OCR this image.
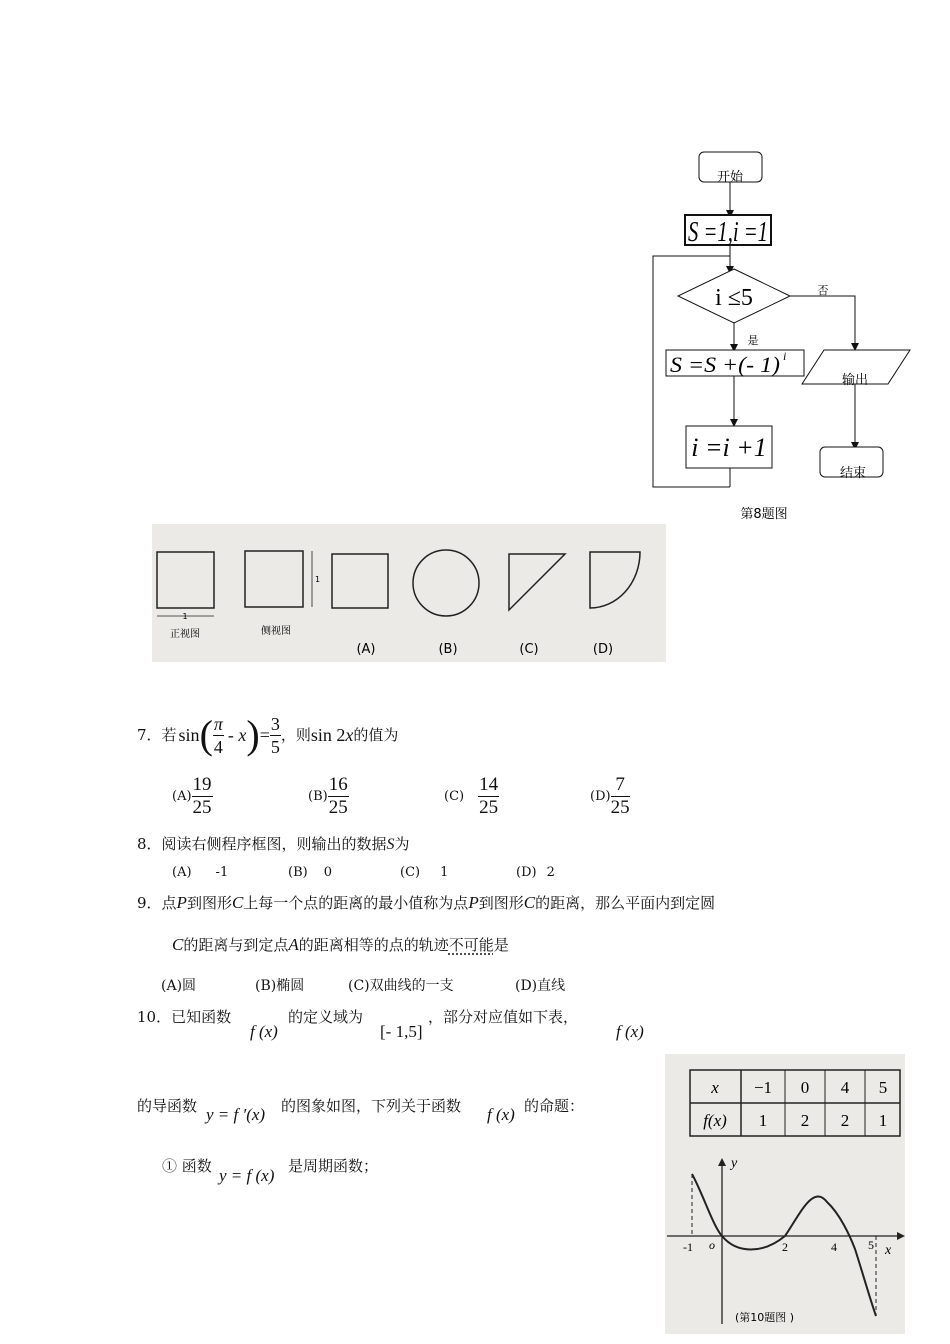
开始
S =1,i =1
i ≤5	否
是
S =S +(- 1) i
输出
i =i +1
结束
第8题图
1
正视图
1
侧视图
(A)	(B)	(C)	(D)
7．若 sin ( $\frac{\pi}{4}$ - x ) = $\frac{3}{5}$ ，则 sin 2 x 的值为
$(A) \frac{19}{25}$	$(B) \frac{16}{25}$	$(C) \frac{14}{25}$	$(D) \frac{7}{25}$
8．阅读右侧程序框图，则输出的数据S为
(A) -1	(B) 0	(C) 1	(D) 2
9．点P到图形C上每一个点的距离的最小值称为点P到图形C的距离，那么平面内到定圆
C的距离与到定点A的距离相等的点的轨迹不可能是
(A)圆	(B)椭圆	(C)双曲线的一支	(D)直线
10．已知函数
f (x)
的定义域为
[- 1,5]
，部分对应值如下表，
f (x)
的导函数 y = f ′(x) 的图象如图，下列关于函数 f (x) 的命题：
① 函数 y = f (x) 是周期函数；
x −1 0 4 5
f(x) 1 2 2 1
y
x
-1 o	2	4	5
(第10题图 )
